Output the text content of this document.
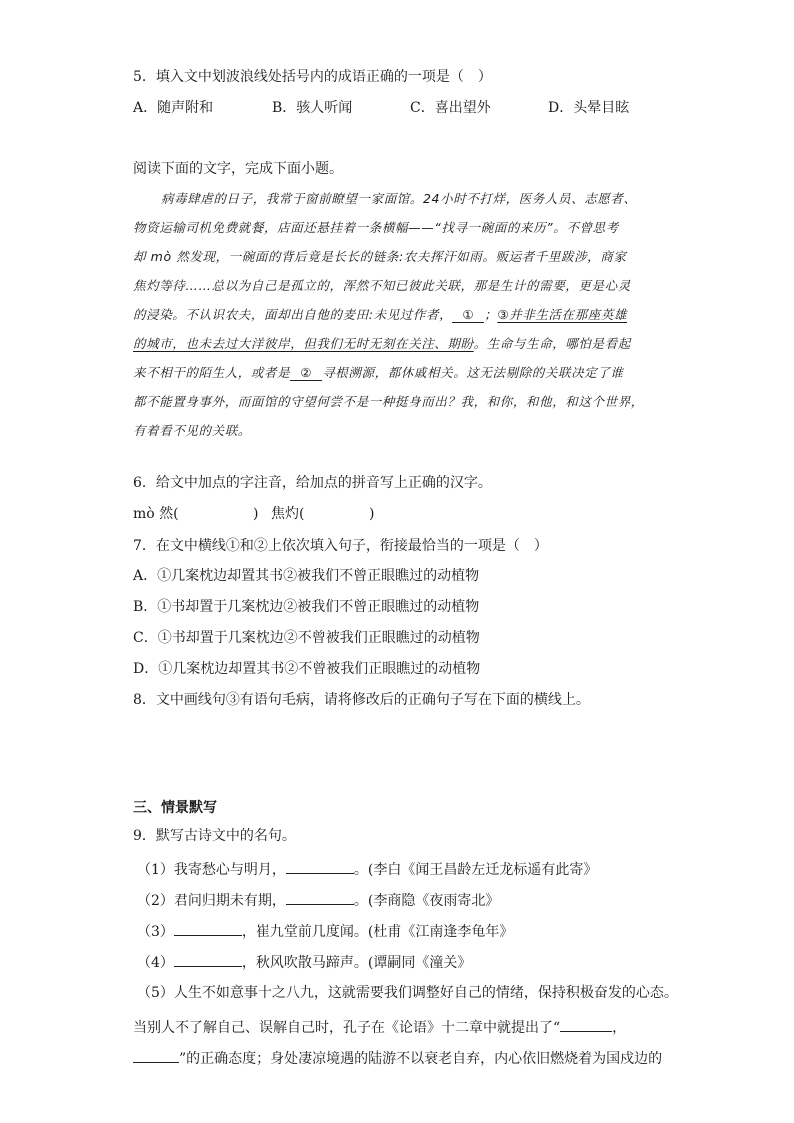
5．填入文中划波浪线处括号内的成语正确的一项是（　）
A．随声附和	B．骇人听闻	C．喜出望外	D．头晕目眩
阅读下面的文字，完成下面小题。
病毒肆虐的日子，我常于窗前瞭望一家面馆。24小时不打烊，医务人员、志愿者、
物资运输司机免费就餐，店面还悬挂着一条横幅——“找寻一碗面的来历”。不曾思考
却 mò 然发现，一碗面的背后竟是长长的链条:农夫挥汗如雨。贩运者千里跋涉，商家
焦灼等待……总以为自己是孤立的，浑然不知已彼此关联，那是生计的需要，更是心灵
的浸染。不认识农夫，面却出自他的麦田:未见过作者， ① ；③并非生活在那座英雄
的城市，也未去过大洋彼岸，但我们无时无刻在关注、期盼。生命与生命，哪怕是看起
来不相干的陌生人，或者是 ② 寻根溯源，都休戚相关。这无法剔除的关联决定了谁
都不能置身事外，而面馆的守望何尝不是一种挺身而出？我，和你，和他，和这个世界，
有着看不见的关联。
6．给文中加点的字注音，给加点的拼音写上正确的汉字。
mò 然(	) 焦灼(	)
7．在文中横线①和②上依次填入句子，衔接最恰当的一项是（　）
A．①几案枕边却置其书②被我们不曾正眼瞧过的动植物
B．①书却置于几案枕边②被我们不曾正眼瞧过的动植物
C．①书却置于几案枕边②不曾被我们正眼瞧过的动植物
D．①几案枕边却置其书②不曾被我们正眼瞧过的动植物
8．文中画线句③有语句毛病，请将修改后的正确句子写在下面的横线上。
三、情景默写
9．默写古诗文中的名句。
（1）我寄愁心与明月，	。(李白《闻王昌龄左迁龙标遥有此寄》
（2）君问归期未有期，	。(李商隐《夜雨寄北》
（3）	，崔九堂前几度闻。(杜甫《江南逢李龟年》
（4）	，秋风吹散马蹄声。(谭嗣同《潼关》
（5）人生不如意事十之八九，这就需要我们调整好自己的情绪，保持积极奋发的心态。
当别人不了解自己、误解自己时，孔子在《论语》十二章中就提出了“	，
”的正确态度；身处凄凉境遇的陆游不以衰老自弃，内心依旧燃烧着为国戍边的
